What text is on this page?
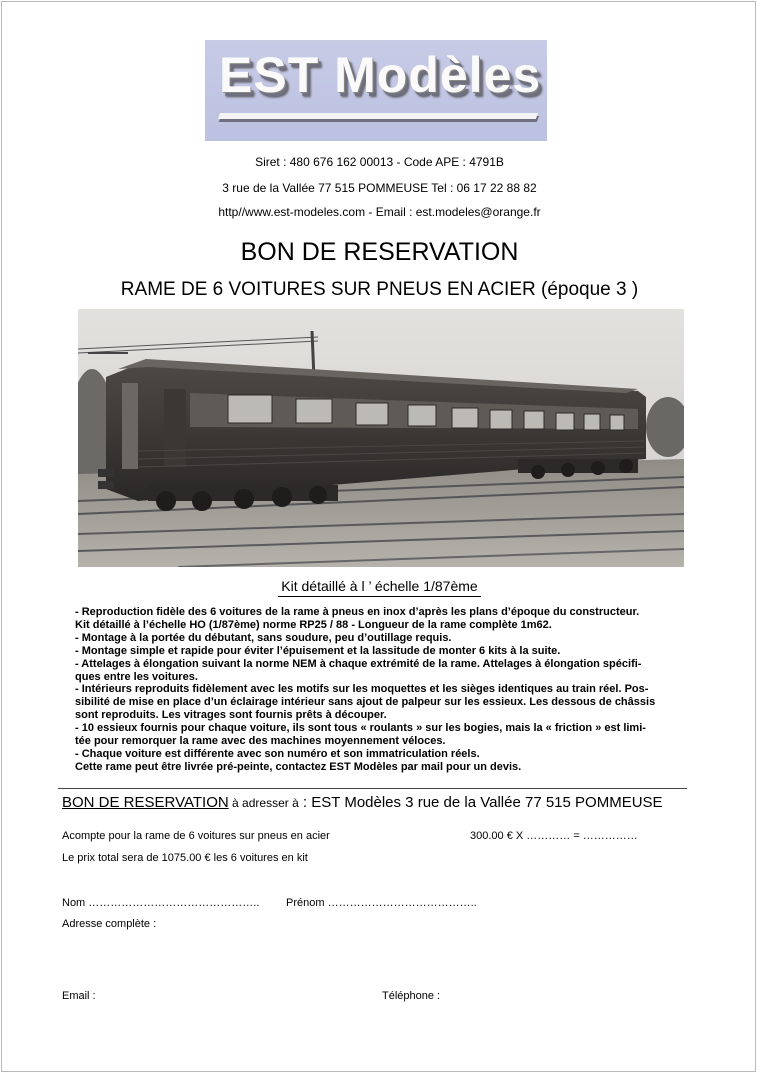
EST Modèles
Siret : 480 676 162 00013 - Code APE : 4791B
3 rue de la Vallée 77 515 POMMEUSE Tel : 06 17 22 88 82
http//www.est-modeles.com - Email : est.modeles@orange.fr
BON DE RESERVATION
RAME DE 6 VOITURES SUR PNEUS EN ACIER (époque 3 )
Kit détaillé à l ’ échelle 1/87ème
- Reproduction fidèle des 6 voitures de la rame à pneus en inox d’après les plans d’époque du constructeur.
Kit détaillé à l’échelle HO (1/87ème) norme RP25 / 88 - Longueur de la rame complète 1m62.
- Montage à la portée du débutant, sans soudure, peu d’outillage requis.
- Montage simple et rapide pour éviter l’épuisement et la lassitude de monter 6 kits à la suite.
- Attelages à élongation suivant la norme NEM à chaque extrémité de la rame. Attelages à élongation spécifi-
ques entre les voitures.
- Intérieurs reproduits fidèlement avec les motifs sur les moquettes et les sièges identiques au train réel. Pos-
sibilité de mise en place d’un éclairage intérieur sans ajout de palpeur sur les essieux. Les dessous de châssis
sont reproduits. Les vitrages sont fournis prêts à découper.
- 10 essieux fournis pour chaque voiture, ils sont tous « roulants » sur les bogies, mais la « friction » est limi-
tée pour remorquer la rame avec des machines moyennement véloces.
- Chaque voiture est différente avec son numéro et son immatriculation réels.
Cette rame peut être livrée pré-peinte, contactez EST Modèles par mail pour un devis.
BON DE RESERVATION à adresser à : EST Modèles 3 rue de la Vallée 77 515 POMMEUSE
Acompte pour la rame de 6 voitures sur pneus en acier	300.00 € X ………… = ……………
Le prix total sera de 1075.00 € les 6 voitures en kit
Nom ……………………………………….. Prénom …………………………………..
Adresse complète :
Email :	Téléphone :
